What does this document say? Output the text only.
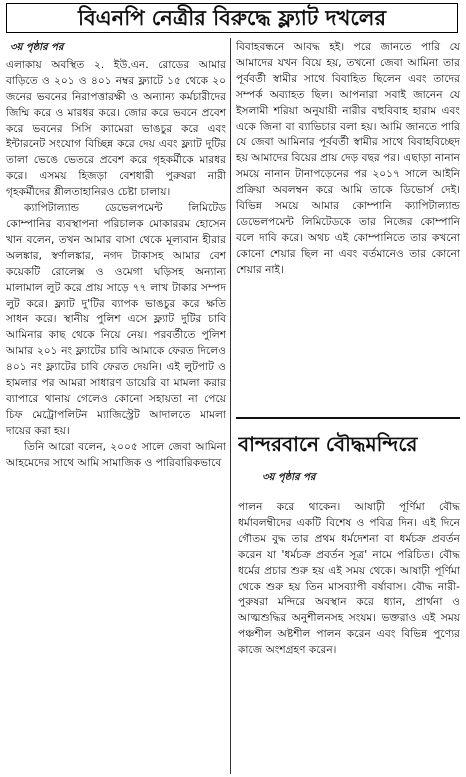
বিএনপি নেত্রীর বিরুদ্ধে ফ্ল্যাট দখলের
৩য় পৃষ্ঠার পর

এলাকায় অবস্থিত ২. ইউ.এন. রোডের আমার বাড়িতে ও ২০১ ও ৪০১ নম্বর ফ্ল্যাটে ১৫ থেকে ২০ জনের ভবনের নিরাপত্তারক্ষী ও অন্যান্য কর্মচারীদের জিম্মি করে ও মারধর করে। জোর করে ভবনে প্রবেশ করে ভবনের সিসি ক্যামেরা ভাঙচুর করে এবং ইন্টারনেট সংযোগ বিচ্ছিন্ন করে দেয় এবং ফ্ল্যাট দুটির তালা ভেঙে ভেতরে প্রবেশ করে গৃহকর্মীকে মারধর করে। এসময় হিজড়া বেশধারী পুরুষরা নারী গৃহকর্মীদের শ্লীলতাহানিরও চেষ্টা চালায়।

ক্যাপিটাল্যান্ড ডেভেলপমেন্ট লিমিটেড কোম্পানির ব্যবস্থাপনা পরিচালক মোকাররম হোসেন খান বলেন, তখন আমার বাসা থেকে মূল্যবান হীরার অলঙ্কার, স্বর্ণালঙ্কার, নগদ টাকাসহ আমার বেশ কয়েকটি রোলেক্স ও ওমেগা ঘড়িসহ অন্যান্য মালামাল লুট করে প্রায় সাড়ে ৭৭ লাখ টাকার সম্পদ লুট করে। ফ্ল্যাট দু'টির ব্যাপক ভাঙচুর করে ক্ষতি সাধন করে। স্থানীয় পুলিশ এসে ফ্ল্যাট দুটির চাবি আমিনার কাছ থেকে নিয়ে নেয়। পরবর্তীতে পুলিশ আমার ২০১ নং ফ্ল্যাটের চাবি আমাকে ফেরত দিলেও ৪০১ নং ফ্ল্যাটের চাবি ফেরত দেয়নি। এই লুটপাট ও হামলার পর আমরা সাধারণ ডায়েরি বা মামলা করার ব্যাপারে থানায় গেলেও কোনো সহায়তা না পেয়ে চিফ মেট্রোপলিটন ম্যাজিস্ট্রেট আদালতে মামলা দায়ের করা হয়।

তিনি আরো বলেন, ২০০৫ সালে জেবা আমিনা আহমেদের সাথে আমি সামাজিক ও পারিবারিকভাবে

বিবাহবন্ধনে আবদ্ধ হই। পরে জানতে পারি যে আমাদের যখন বিয়ে হয়, তখনো জেবা আমিনা তার পূর্ববর্তী স্বামীর সাথে বিবাহিত ছিলেন এবং তাদের সম্পর্ক অব্যাহত ছিল। আপনারা সবাই জানেন যে ইসলামী শরিয়া অনুযায়ী নারীর বহুবিবাহ হারাম এবং একে জিনা বা ব্যাভিচার বলা হয়। আমি জানতে পারি যে জেবা আমিনার পূর্ববর্তী স্বামীর সাথে বিবাহবিচ্ছেদ হয় আমাদের বিয়ের প্রায় দেড় বছর পর। এছাড়া নানান সময়ে নানান টানাপড়েনের পর ২০১৭ সালে আইনি প্রক্রিয়া অবলম্বন করে আমি তাকে ডিভোর্স দেই। বিভিন্ন সময়ে আমার কোম্পানি ক্যাপিটাল্যান্ড ডেভেলপমেন্ট লিমিটেডকে তার নিজের কোম্পানি বলে দাবি করে। অথচ এই কোম্পানিতে তার কখনো কোনো শেয়ার ছিল না এবং বর্তমানেও তার কোনো শেয়ার নাই।

বান্দরবানে বৌদ্ধমন্দিরে
৩য় পৃষ্ঠার পর

পালন করে থাকেন। আষাঢ়ী পূর্ণিমা বৌদ্ধ ধর্মাবলম্বীদের একটি বিশেষ ও পবিত্র দিন। এই দিনে গৌতম বুদ্ধ তার প্রথম ধর্মদেশনা বা ধর্মচক্র প্রবর্তন করেন যা 'ধর্মচক্র প্রবর্তন সূত্র' নামে পরিচিত। বৌদ্ধ ধর্মের প্রচার শুরু হয় এই সময় থেকে। আষাঢ়ী পূর্ণিমা থেকে শুরু হয় তিন মাসব্যাপী বর্ষাবাস। বৌদ্ধ নারী-পুরুষরা মন্দিরে অবস্থান করে ধ্যান, প্রার্থনা ও আত্মশুদ্ধির অনুশীলনসহ সংযম। ভক্তরাও এই সময় পঞ্চশীল অষ্টশীল পালন করেন এবং বিভিন্ন পুণ্যের কাজে অংশগ্রহণ করেন।
